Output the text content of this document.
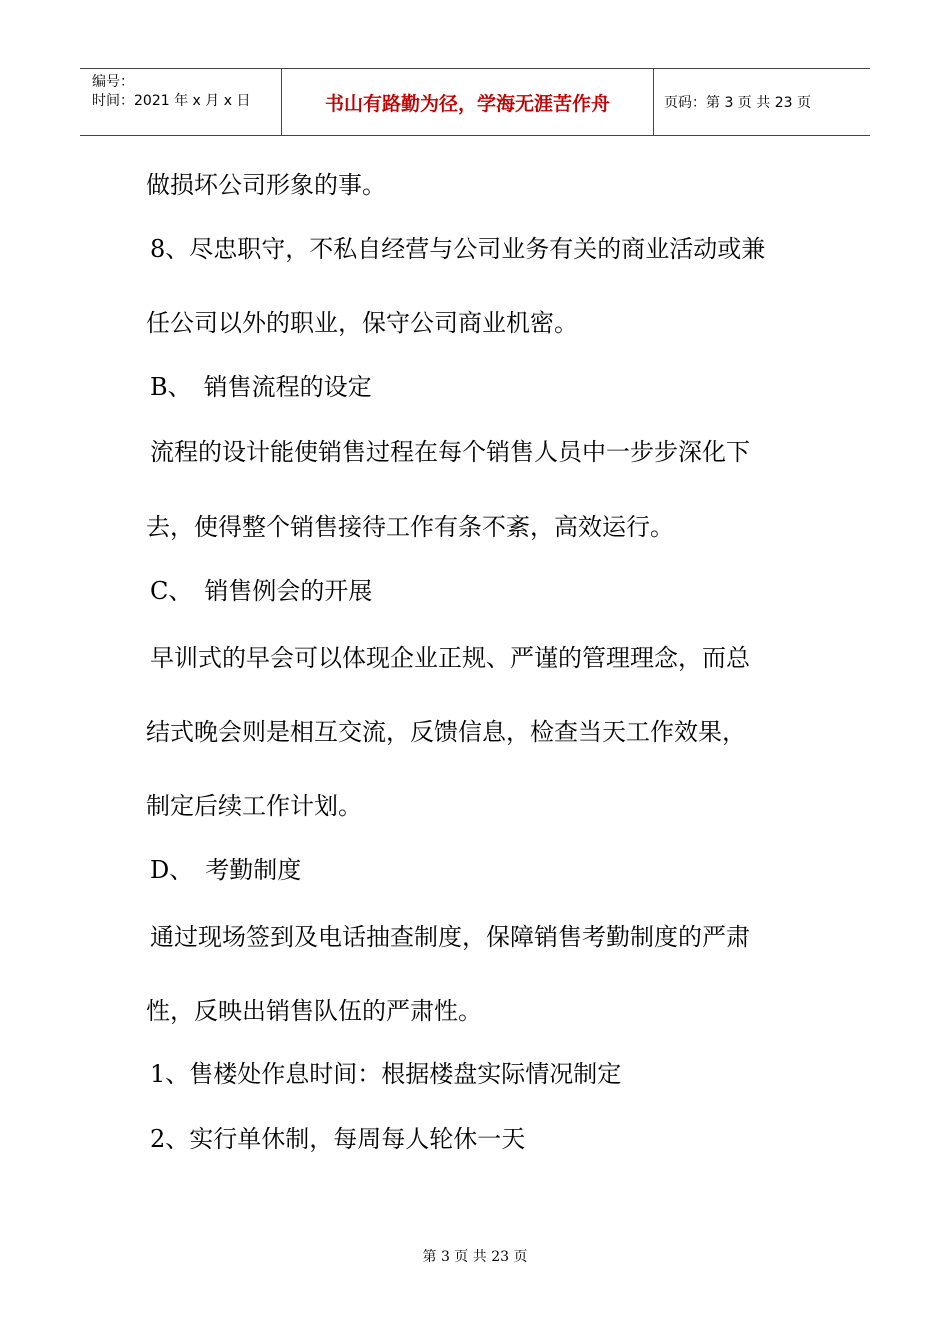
编号：
时间：2021 年 x 月 x 日	书山有路勤为径，学海无涯苦作舟	页码：第 3 页 共 23 页
做损坏公司形象的事。
8、尽忠职守，不私自经营与公司业务有关的商业活动或兼
任公司以外的职业，保守公司商业机密。
B、　销售流程的设定
流程的设计能使销售过程在每个销售人员中一步步深化下
去，使得整个销售接待工作有条不紊，高效运行。
C、　销售例会的开展
早训式的早会可以体现企业正规、严谨的管理理念，而总
结式晚会则是相互交流，反馈信息，检查当天工作效果，
制定后续工作计划。
D、　考勤制度
通过现场签到及电话抽查制度，保障销售考勤制度的严肃
性，反映出销售队伍的严肃性。
1、售楼处作息时间：根据楼盘实际情况制定
2、实行单休制，每周每人轮休一天
第 3 页 共 23 页
